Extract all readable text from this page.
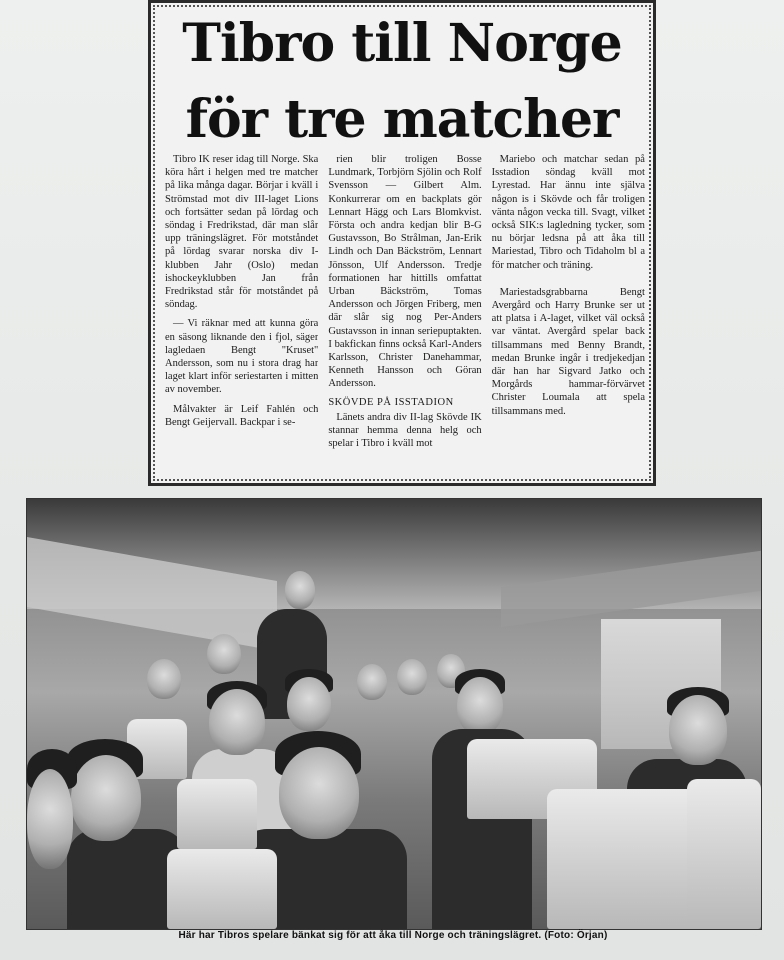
Tibro till Norge
för tre matcher

Tibro IK reser idag till Norge. Ska köra hårt i helgen med tre matcher på lika många dagar. Börjar i kväll i Strömstad mot div III-laget Lions och fortsätter sedan på lördag och söndag i Fredrikstad, där man slår upp träningslägret. För motståndet på lördag svarar norska div I-klubben Jahr (Oslo) medan ishockeyklubben Jan från Fredrikstad står för motståndet på söndag.

— Vi räknar med att kunna göra en säsong liknande den i fjol, säger lagledaen Bengt "Kruset" Andersson, som nu i stora drag har laget klart inför seriestarten i mitten av november.

Målvakter är Leif Fahlén och Bengt Geijervall. Backpar i se-

rien blir troligen Bosse Lundmark, Torbjörn Sjölin och Rolf Svensson — Gilbert Alm. Konkurrerar om en backplats gör Lennart Hägg och Lars Blomkvist. Första och andra kedjan blir B-G Gustavsson, Bo Strålman, Jan-Erik Lindh och Dan Bäckström, Lennart Jönsson, Ulf Andersson. Tredje formationen har hittills omfattat Urban Bäckström, Tomas Andersson och Jörgen Friberg, men där slår sig nog Per-Anders Gustavsson in innan seriepuptakten. I bakfickan finns också Karl-Anders Karlsson, Christer Danehammar, Kenneth Hansson och Göran Andersson.

SKÖVDE PÅ ISSTADION

Länets andra div II-lag Skövde IK stannar hemma denna helg och spelar i Tibro i kväll mot

Mariebo och matchar sedan på Isstadion söndag kväll mot Lyrestad. Har ännu inte själva någon is i Skövde och får troligen vänta någon vecka till. Svagt, vilket också SIK:s lagledning tycker, som nu börjar ledsna på att åka till Mariestad, Tibro och Tidaholm bl a för matcher och träning.

Mariestadsgrabbarna Bengt Avergård och Harry Brunke ser ut att platsa i A-laget, vilket väl också var väntat. Avergård spelar back tillsammans med Benny Brandt, medan Brunke ingår i tredjekedjan där han har Sigvard Jatko och Morgårds hammar-förvärvet Christer Loumala att spela tillsammans med.

Här har Tibros spelare bänkat sig för att åka till Norge och träningslägret. (Foto: Örjan)
